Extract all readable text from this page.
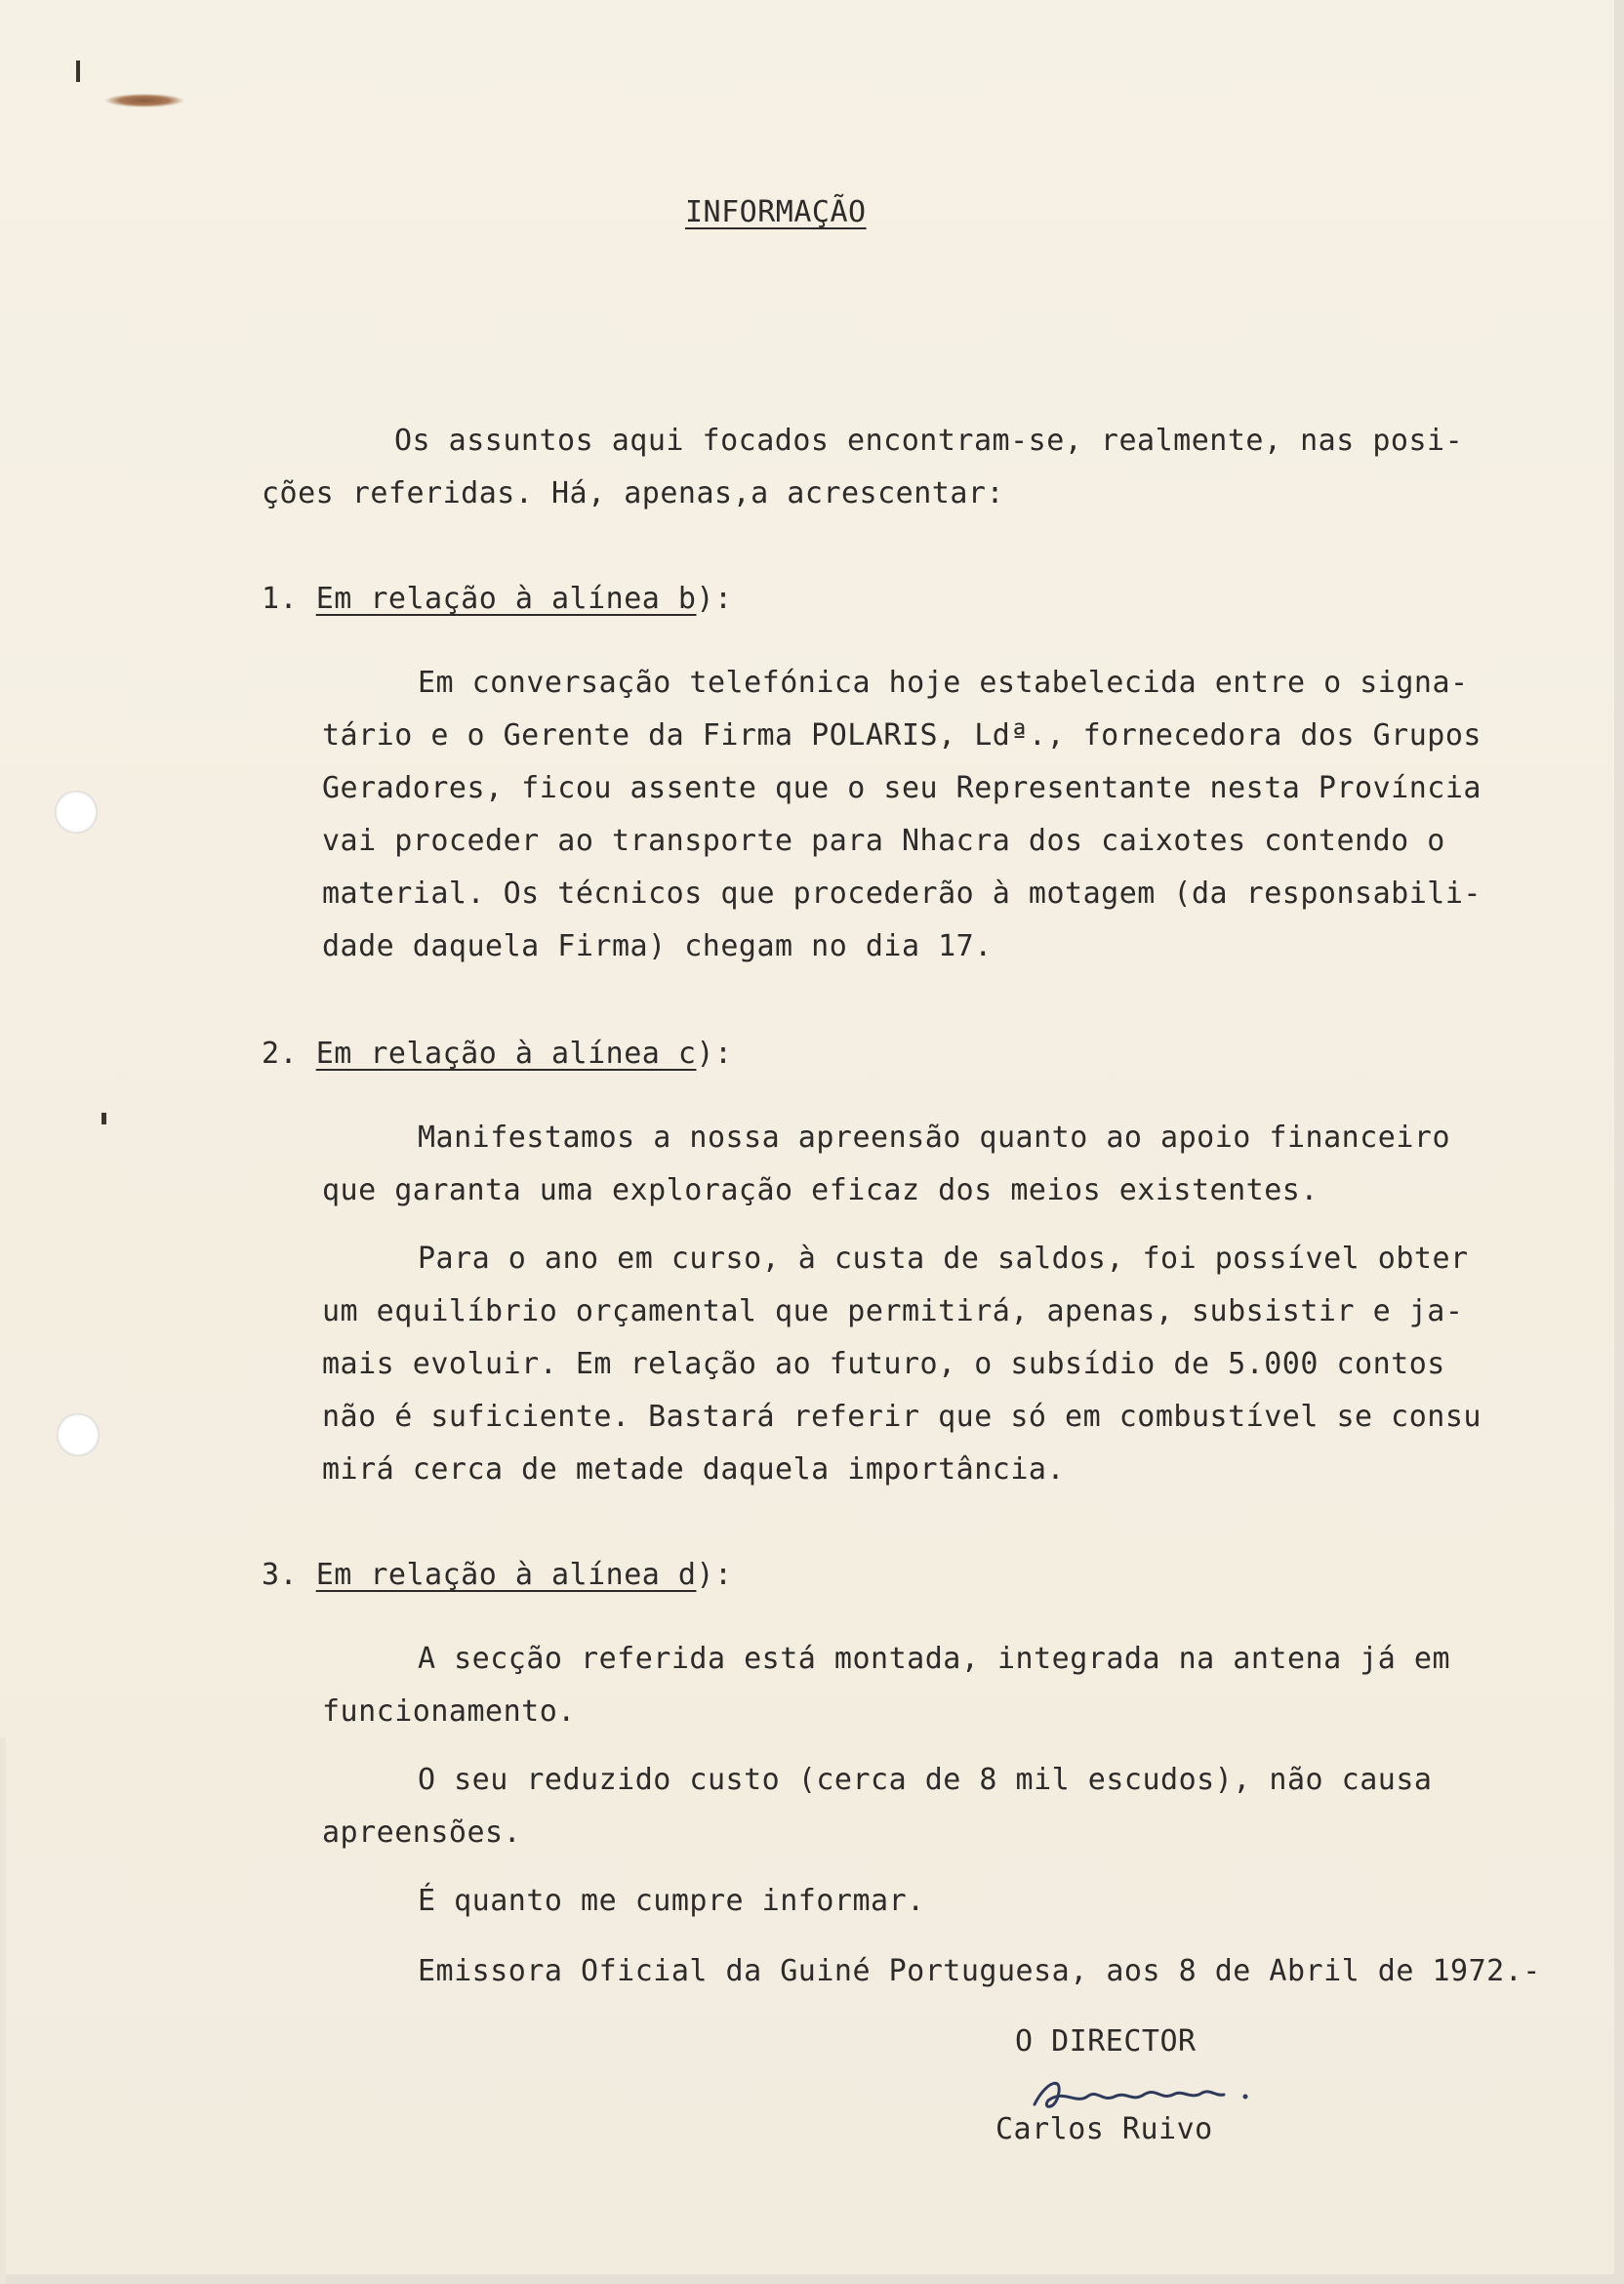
INFORMAÇÃO
Os assuntos aqui focados encontram-se, realmente, nas posi-
ções referidas. Há, apenas,a acrescentar:
1. Em relação à alínea b):
Em conversação telefónica hoje estabelecida entre o signa-
tário e o Gerente da Firma POLARIS, Ldª., fornecedora dos Grupos
Geradores, ficou assente que o seu Representante nesta Província
vai proceder ao transporte para Nhacra dos caixotes contendo o
material. Os técnicos que procederão à motagem (da responsabili-
dade daquela Firma) chegam no dia 17.
2. Em relação à alínea c):
Manifestamos a nossa apreensão quanto ao apoio financeiro
que garanta uma exploração eficaz dos meios existentes.
Para o ano em curso, à custa de saldos, foi possível obter
um equilíbrio orçamental que permitirá, apenas, subsistir e ja-
mais evoluir. Em relação ao futuro, o subsídio de 5.000 contos
não é suficiente. Bastará referir que só em combustível se consu
mirá cerca de metade daquela importância.
3. Em relação à alínea d):
A secção referida está montada, integrada na antena já em
funcionamento.
O seu reduzido custo (cerca de 8 mil escudos), não causa
apreensões.
É quanto me cumpre informar.
Emissora Oficial da Guiné Portuguesa, aos 8 de Abril de 1972.-
O DIRECTOR
Carlos Ruivo
